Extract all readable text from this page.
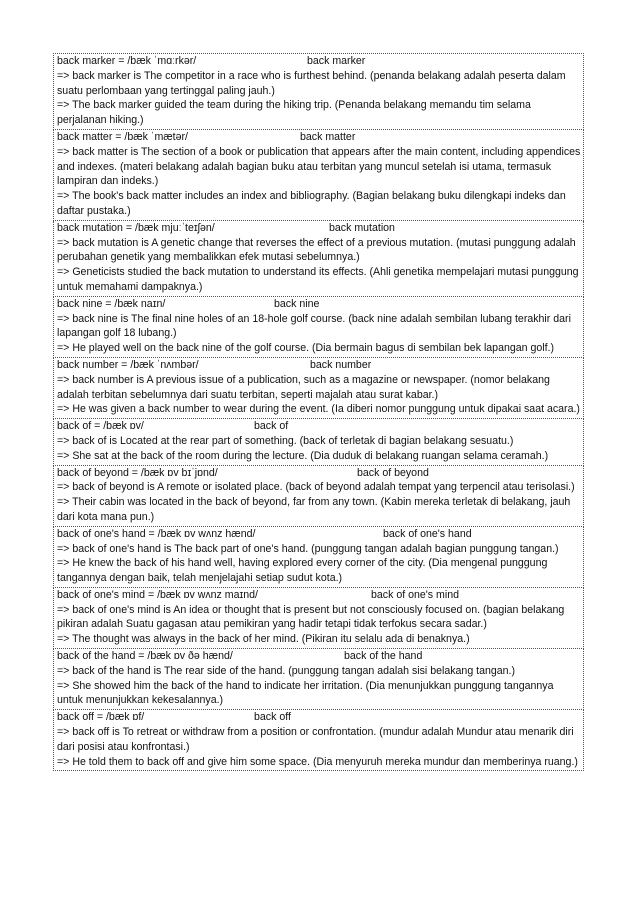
back marker = /bæk ˈmɑːrkər/	back marker

=> back marker is The competitor in a race who is furthest behind. (penanda belakang adalah peserta dalam suatu perlombaan yang tertinggal paling jauh.)

=> The back marker guided the team during the hiking trip. (Penanda belakang memandu tim selama perjalanan hiking.)

back matter = /bæk ˈmætər/	back matter

=> back matter is The section of a book or publication that appears after the main content, including appendices and indexes. (materi belakang adalah bagian buku atau terbitan yang muncul setelah isi utama, termasuk lampiran dan indeks.)

=> The book's back matter includes an index and bibliography. (Bagian belakang buku dilengkapi indeks dan daftar pustaka.)

back mutation = /bæk mjuːˈteɪʃən/	back mutation

=> back mutation is A genetic change that reverses the effect of a previous mutation. (mutasi punggung adalah perubahan genetik yang membalikkan efek mutasi sebelumnya.)

=> Geneticists studied the back mutation to understand its effects. (Ahli genetika mempelajari mutasi punggung untuk memahami dampaknya.)

back nine = /bæk naɪn/	back nine

=> back nine is The final nine holes of an 18-hole golf course. (back nine adalah sembilan lubang terakhir dari lapangan golf 18 lubang.)

=> He played well on the back nine of the golf course. (Dia bermain bagus di sembilan bek lapangan golf.)

back number = /bæk ˈnʌmbər/	back number

=> back number is A previous issue of a publication, such as a magazine or newspaper. (nomor belakang adalah terbitan sebelumnya dari suatu terbitan, seperti majalah atau surat kabar.)

=> He was given a back number to wear during the event. (Ia diberi nomor punggung untuk dipakai saat acara.)

back of = /bæk ɒv/	back of

=> back of is Located at the rear part of something. (back of terletak di bagian belakang sesuatu.)

=> She sat at the back of the room during the lecture. (Dia duduk di belakang ruangan selama ceramah.)

back of beyond = /bæk ɒv bɪˈjɒnd/	back of beyond

=> back of beyond is A remote or isolated place. (back of beyond adalah tempat yang terpencil atau terisolasi.)

=> Their cabin was located in the back of beyond, far from any town. (Kabin mereka terletak di belakang, jauh dari kota mana pun.)

back of one's hand = /bæk ɒv wʌnz hænd/	back of one's hand

=> back of one's hand is The back part of one's hand. (punggung tangan adalah bagian punggung tangan.)

=> He knew the back of his hand well, having explored every corner of the city. (Dia mengenal punggung tangannya dengan baik, telah menjelajahi setiap sudut kota.)

back of one's mind = /bæk ɒv wʌnz maɪnd/	back of one's mind

=> back of one's mind is An idea or thought that is present but not consciously focused on. (bagian belakang pikiran adalah Suatu gagasan atau pemikiran yang hadir tetapi tidak terfokus secara sadar.)

=> The thought was always in the back of her mind. (Pikiran itu selalu ada di benaknya.)

back of the hand = /bæk ɒv ðə hænd/	back of the hand

=> back of the hand is The rear side of the hand. (punggung tangan adalah sisi belakang tangan.)

=> She showed him the back of the hand to indicate her irritation. (Dia menunjukkan punggung tangannya untuk menunjukkan kekesalannya.)

back off = /bæk ɒf/	back off

=> back off is To retreat or withdraw from a position or confrontation. (mundur adalah Mundur atau menarik diri dari posisi atau konfrontasi.)

=> He told them to back off and give him some space. (Dia menyuruh mereka mundur dan memberinya ruang.)
